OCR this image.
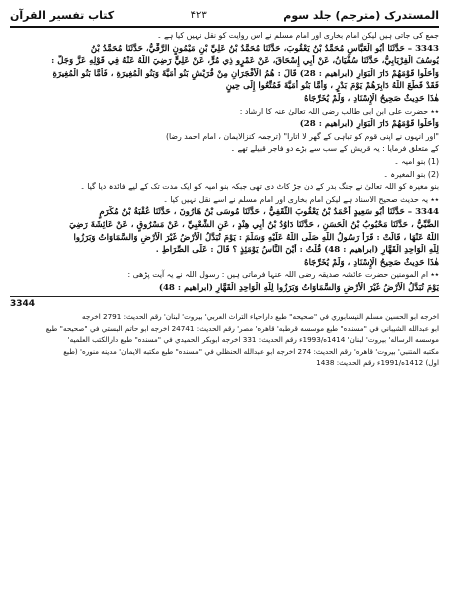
المستدرک (مترجم) جلد سوم
۴۲۳
کتاب تفسیر القرآن
جمع کی جاتی ہیں لیکن امام بخاری اور امام مسلم نے اس روایت کو نقل نہیں کیا ہے ۔
3343 – حَدَّثَنَا أَبُو الْعَبَّاسِ مُحَمَّدُ بْنُ يَعْقُوبَ، حَدَّثَنَا مُحَمَّدُ بْنُ عَلِيِّ بْنِ مَيْمُونٍ الرَّقِّيُّ، حَدَّثَنَا مُحَمَّدُ بْنُ
يُوسُفَ الْفِرْيَابِيُّ، حَدَّثَنَا سُفْيَانُ، عَنْ أَبِي إِسْحَاقَ، عَنْ عَمْرٍو ذِي مُرٍّ، عَنْ عَلِيٍّ رَضِيَ اللَّهُ عَنْهُ فِي قَوْلِهِ عَزَّ وَجَلَّ :
وَأَحَلُّوا قَوْمَهُمْ دَارَ الْبَوَارِ (ابراهيم : 28) قَالَ : هُمُ الْأَفْجَرَانِ مِنْ قُرَيْشٍ بَنُو أُمَيَّةَ وَبَنُو الْمُغِيرَةِ ، فَأَمَّا بَنُو الْمُغِيرَةِ
فَقَدْ قَطَعَ اللَّهُ دَابِرَهُمْ يَوْمَ بَدْرٍ ، وَأَمَّا بَنُو أُمَيَّةَ فَمُتِّعُوا إِلَى حِينٍ
هٰذَا حَدِيثٌ صَحِيحُ الْإِسْنَادِ ، وَلَمْ يُخَرِّجَاهُ
٭٭ حضرت علی ابن ابی طالب رضی اللہ تعالیٰ عنہ کا ارشاد :
وَأَحَلُّوا قَوْمَهُمْ دَارَ الْبَوَارِ (ابراهيم : 28)
"اور انہوں نے اپنی قوم کو تباہی کے گھر لا اتارا" (ترجمہ کنزالایمان ، امام احمد رضا)
کے متعلق فرمایا : یہ قریش کے سب سے بڑے دو فاجر قبیلے تھے ۔
(1) بنو امیہ ۔
(2) بنو المغیرہ ۔
بنو مغیرہ کو اللہ تعالیٰ نے جنگ بدر کے دن جڑ کاٹ دی تھی جبکہ بنو امیہ کو ایک مدت تک کے لیے فائدہ دیا گیا ۔
٭٭ یہ حدیث صحیح الاسناد ہے لیکن امام بخاری اور امام مسلم نے اسے نقل نہیں کیا ۔
3344 – حَدَّثَنَا أَبُو سَعِيدٍ أَحْمَدُ بْنُ يَعْقُوبَ الثَّقَفِيُّ ، حَدَّثَنَا مُوسَى بْنُ هَارُونَ ، حَدَّثَنَا عُقْبَةُ بْنُ مُكْرَمٍ
الضَّبِّيُّ ، حَدَّثَنَا مَحْبُوبُ بْنُ الْحَسَنِ ، حَدَّثَنَا دَاوُدُ بْنُ أَبِي هِنْدٍ ، عَنِ الشَّعْبِيِّ ، عَنْ مَسْرُوقٍ ، عَنْ عَائِشَةَ رَضِيَ
اللَّهُ عَنْهَا ، قَالَتْ : قَرَأَ رَسُولُ اللَّهِ صَلَّى اللَّهُ عَلَيْهِ وَسَلَّمَ : يَوْمَ تُبَدَّلُ الْأَرْضُ غَيْرَ الْأَرْضِ وَالسَّمَاوَاتُ وَبَرَزُوا
لِلَّهِ الْوَاحِدِ الْقَهَّارِ (ابراهيم : 48) قُلْتُ : أَيْنَ النَّاسُ يَوْمَئِذٍ ؟ قَالَ : عَلَى الصِّرَاطِ .
هٰذَا حَدِيثٌ صَحِيحُ الْإِسْنَادِ ، وَلَمْ يُخَرِّجَاهُ
٭٭ ام المومنین حضرت عائشہ صدیقہ رضی اللہ عنہا فرماتی ہیں : رسول اللہ نے یہ آیت پڑھی :
يَوْمَ تُبَدَّلُ الْأَرْضُ غَيْرَ الْأَرْضِ وَالسَّمَاوَاتُ وَبَرَزُوا لِلَّهِ الْوَاحِدِ الْقَهَّارِ (ابراهيم : 48)
3344
اخرجه ابو الحسين مسلم النيسابوري في "صحيحه" طبع داراحياء التراث العربي' بيروت' لبنان' رقم الحديث: 2791 اخرجه
ابو عبدالله الشيباني في "مسنده" طبع موسسه قرطبه' قاهره' مصر' رقم الحديث: 24741 اخرجه ابو حاتم البستي في "صحيحه" طبع
موسسه الرساله' بيروت' لبنان' 1414ه/1993ء رقم الحديث: 331 اخرجه ابوبكر الحميدي في "مسنده" طبع دارالكتب العلميه'
مكتبه المتنبي' بيروت' قاهره' رقم الحديث: 274 اخرجه ابو عبدالله الحنظلي في "مسنده" طبع مكتبه الايمان' مدينه منوره' (طبع
اول) 1412ه/1991ء رقم الحديث: 1438
